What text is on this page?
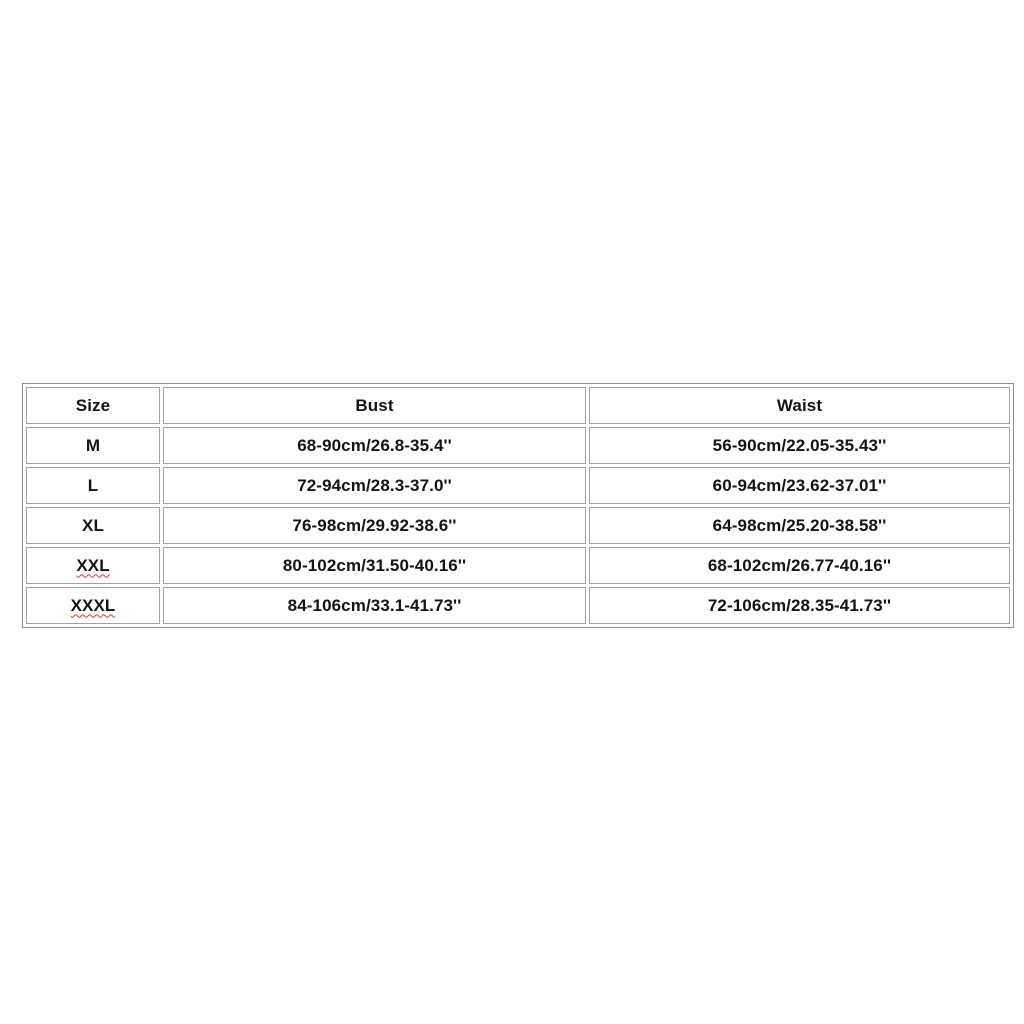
Size	Bust	Waist
M	68-90cm/26.8-35.4''	56-90cm/22.05-35.43''
L	72-94cm/28.3-37.0''	60-94cm/23.62-37.01''
XL	76-98cm/29.92-38.6''	64-98cm/25.20-38.58''
XXL	80-102cm/31.50-40.16''	68-102cm/26.77-40.16''
XXXL	84-106cm/33.1-41.73''	72-106cm/28.35-41.73''
